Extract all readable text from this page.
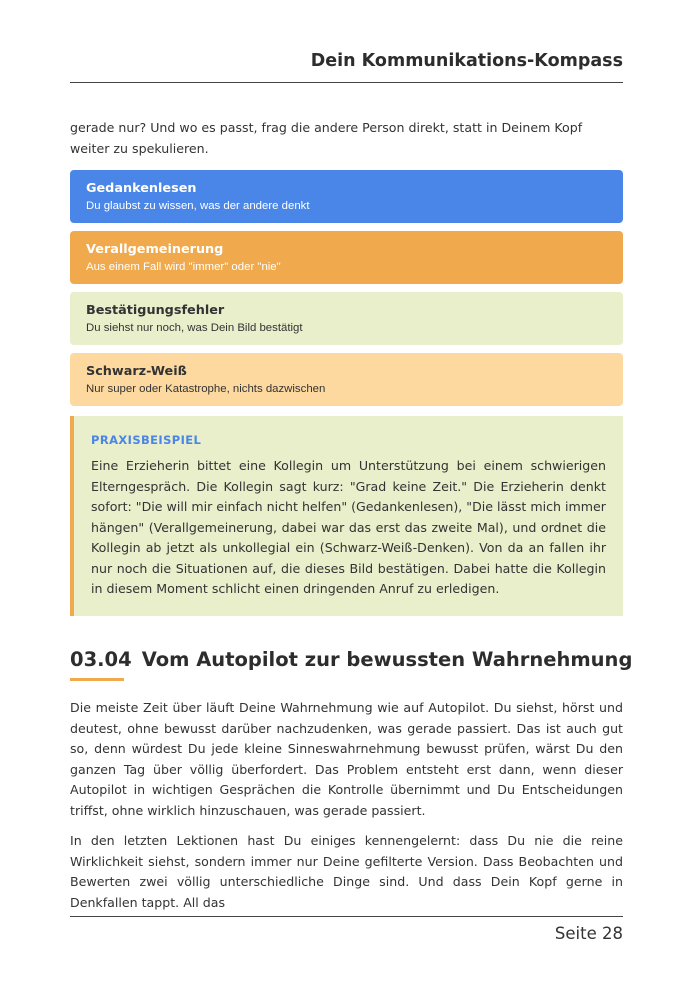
Dein Kommunikations-Kompass

gerade nur? Und wo es passt, frag die andere Person direkt, statt in Deinem Kopf weiter zu spekulieren.

Gedankenlesen
Du glaubst zu wissen, was der andere denkt
Verallgemeinerung
Aus einem Fall wird "immer" oder "nie"
Bestätigungsfehler
Du siehst nur noch, was Dein Bild bestätigt
Schwarz-Weiß
Nur super oder Katastrophe, nichts dazwischen
PRAXISBEISPIEL

Eine Erzieherin bittet eine Kollegin um Unterstützung bei einem schwierigen Elterngespräch. Die Kollegin sagt kurz: "Grad keine Zeit." Die Erzieherin denkt sofort: "Die will mir einfach nicht helfen" (Gedankenlesen), "Die lässt mich immer hängen" (Verallgemeinerung, dabei war das erst das zweite Mal), und ordnet die Kollegin ab jetzt als unkollegial ein (Schwarz-Weiß-Denken). Von da an fallen ihr nur noch die Situationen auf, die dieses Bild bestätigen. Dabei hatte die Kollegin in diesem Moment schlicht einen dringenden Anruf zu erledigen.

03.04 Vom Autopilot zur bewussten Wahrnehmung

Die meiste Zeit über läuft Deine Wahrnehmung wie auf Autopilot. Du siehst, hörst und deutest, ohne bewusst darüber nachzudenken, was gerade passiert. Das ist auch gut so, denn würdest Du jede kleine Sinneswahrnehmung bewusst prüfen, wärst Du den ganzen Tag über völlig überfordert. Das Problem entsteht erst dann, wenn dieser Autopilot in wichtigen Gesprächen die Kontrolle übernimmt und Du Entscheidungen triffst, ohne wirklich hinzuschauen, was gerade passiert.

In den letzten Lektionen hast Du einiges kennengelernt: dass Du nie die reine Wirklichkeit siehst, sondern immer nur Deine gefilterte Version. Dass Beobachten und Bewerten zwei völlig unterschiedliche Dinge sind. Und dass Dein Kopf gerne in Denkfallen tappt. All das

Seite 28
